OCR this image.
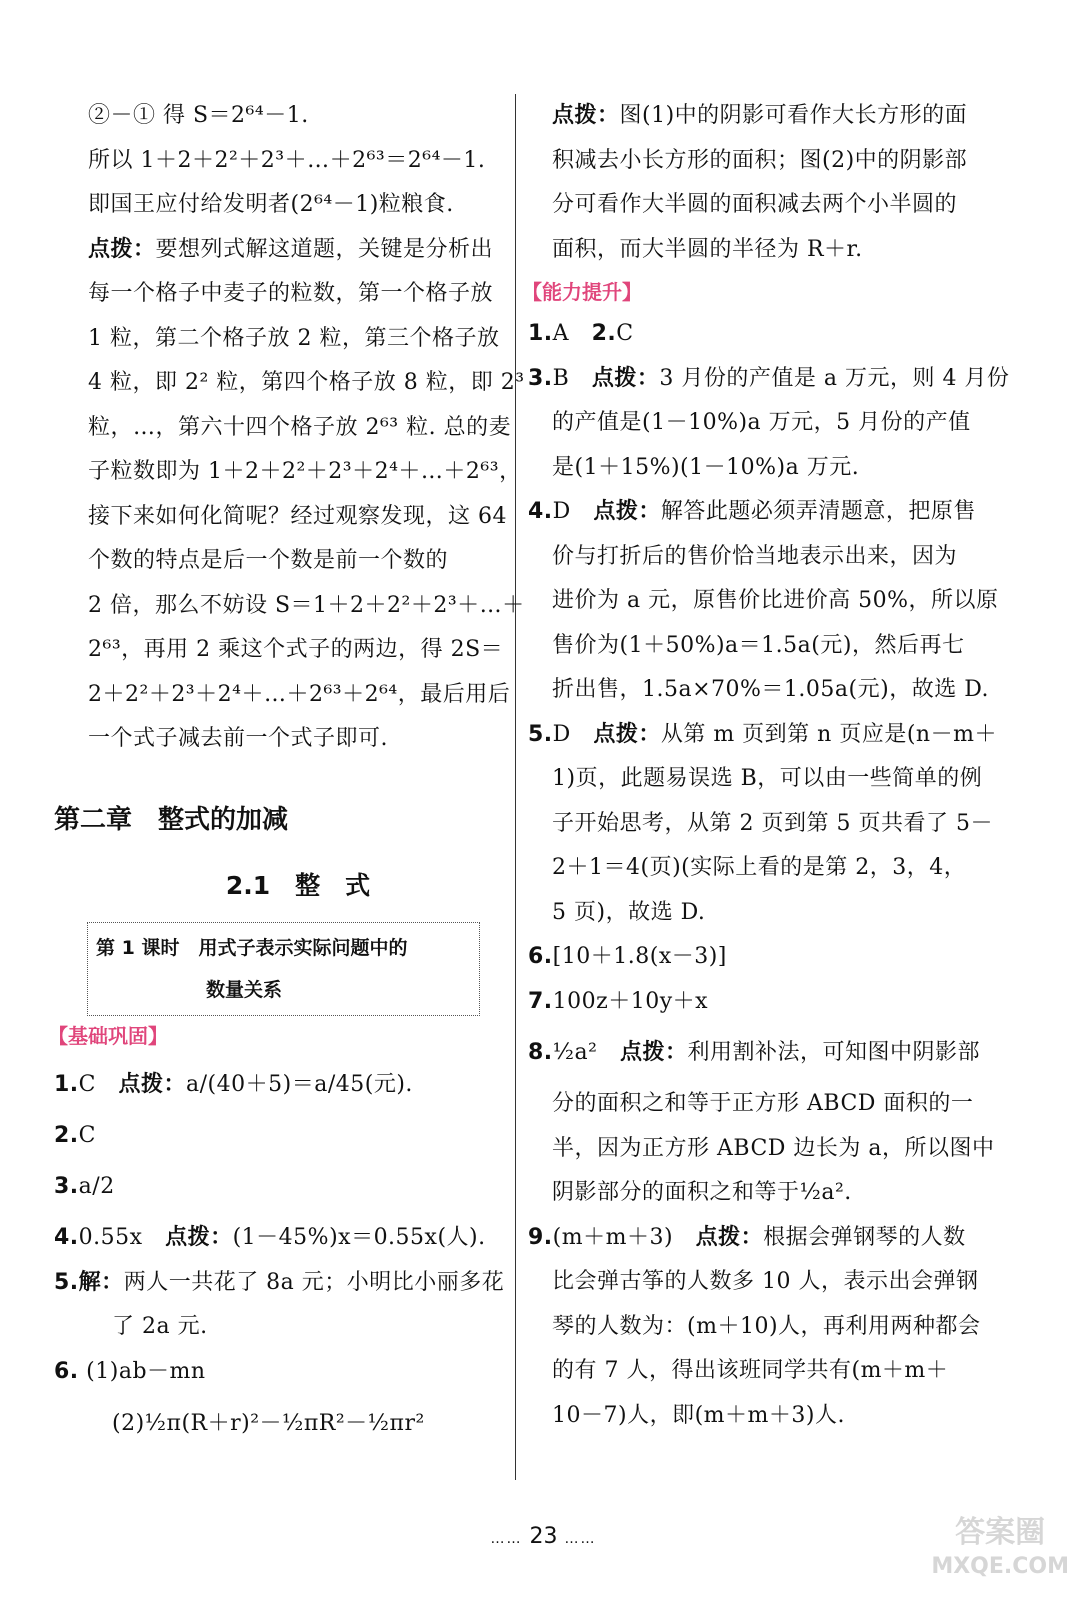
②－① 得 S＝2⁶⁴－1.
所以 1＋2＋2²＋2³＋…＋2⁶³＝2⁶⁴－1.
即国王应付给发明者(2⁶⁴－1)粒粮食.
点拨：要想列式解这道题，关键是分析出
每一个格子中麦子的粒数，第一个格子放
1 粒，第二个格子放 2 粒，第三个格子放
4 粒，即 2² 粒，第四个格子放 8 粒，即 2³
粒，…，第六十四个格子放 2⁶³ 粒. 总的麦
子粒数即为 1＋2＋2²＋2³＋2⁴＋…＋2⁶³，
接下来如何化简呢？经过观察发现，这 64
个数的特点是后一个数是前一个数的
2 倍，那么不妨设 S＝1＋2＋2²＋2³＋…＋
2⁶³，再用 2 乘这个式子的两边，得 2S＝
2＋2²＋2³＋2⁴＋…＋2⁶³＋2⁶⁴，最后用后
一个式子减去前一个式子即可.
第二章　整式的加减
2.1　整　式
第 1 课时　用式子表示实际问题中的
数量关系
【基础巩固】
1.C　点拨：a/(40＋5)＝a/45(元).
2.C
3.a/2
4.0.55x　点拨：(1－45%)x＝0.55x(人).
5.解：两人一共花了 8a 元；小明比小丽多花
了 2a 元.
6. (1)ab－mn
(2)½π(R＋r)²－½πR²－½πr²
点拨：图(1)中的阴影可看作大长方形的面
积减去小长方形的面积；图(2)中的阴影部
分可看作大半圆的面积减去两个小半圆的
面积，而大半圆的半径为 R＋r.
【能力提升】
1.A　2.C
3.B　点拨：3 月份的产值是 a 万元，则 4 月份
的产值是(1－10%)a 万元，5 月份的产值
是(1＋15%)(1－10%)a 万元.
4.D　点拨：解答此题必须弄清题意，把原售
价与打折后的售价恰当地表示出来，因为
进价为 a 元，原售价比进价高 50%，所以原
售价为(1＋50%)a＝1.5a(元)，然后再七
折出售，1.5a×70%＝1.05a(元)，故选 D.
5.D　点拨：从第 m 页到第 n 页应是(n－m＋
1)页，此题易误选 B，可以由一些简单的例
子开始思考，从第 2 页到第 5 页共看了 5－
2＋1＝4(页)(实际上看的是第 2，3，4，
5 页)，故选 D.
6.[10＋1.8(x－3)]
7.100z＋10y＋x
8.½a²　点拨：利用割补法，可知图中阴影部
分的面积之和等于正方形 ABCD 面积的一
半，因为正方形 ABCD 边长为 a，所以图中
阴影部分的面积之和等于½a².
9.(m＋m＋3)　点拨：根据会弹钢琴的人数
比会弹古筝的人数多 10 人，表示出会弹钢
琴的人数为：(m＋10)人，再利用两种都会
的有 7 人，得出该班同学共有(m＋m＋
10－7)人，即(m＋m＋3)人.
…… 23 ……	答案圈
MXQE.COM
